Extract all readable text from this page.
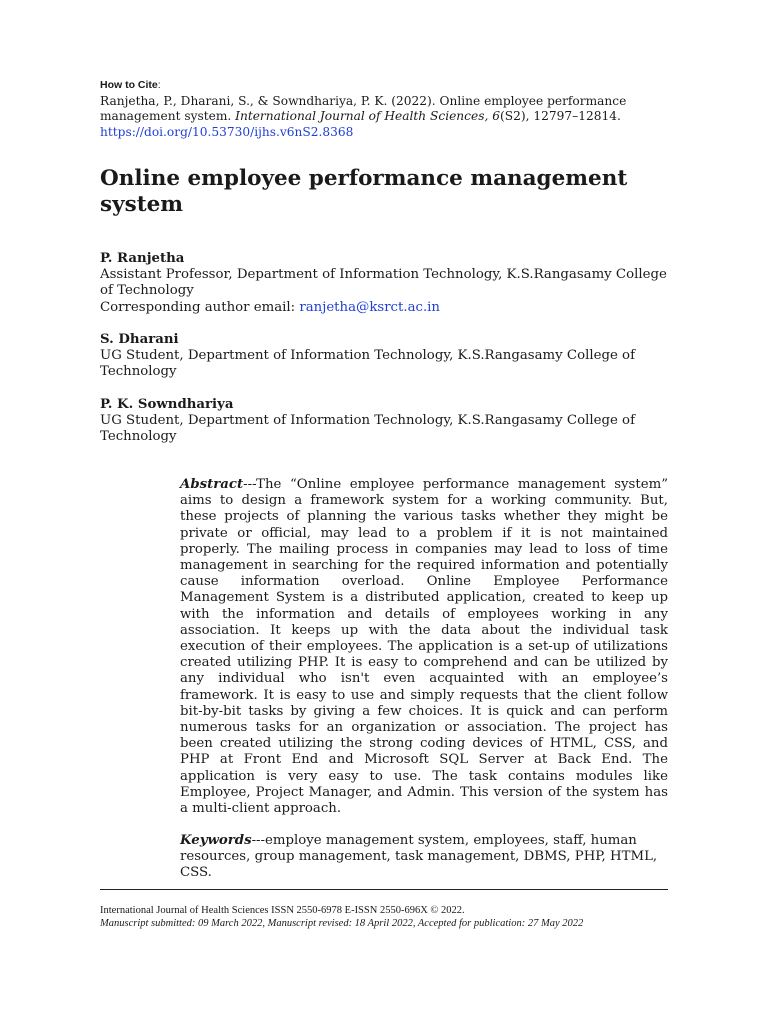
How to Cite:
Ranjetha, P., Dharani, S., & Sowndhariya, P. K. (2022). Online employee performance management system. International Journal of Health Sciences, 6(S2), 12797–12814.
https://doi.org/10.53730/ijhs.v6nS2.8368
Online employee performance management system
P. Ranjetha
Assistant Professor, Department of Information Technology, K.S.Rangasamy College of Technology
Corresponding author email: ranjetha@ksrct.ac.in
S. Dharani
UG Student, Department of Information Technology, K.S.Rangasamy College of Technology
P. K. Sowndhariya
UG Student, Department of Information Technology, K.S.Rangasamy College of Technology
Abstract---The “Online employee performance management system” aims to design a framework system for a working community. But, these projects of planning the various tasks whether they might be private or official, may lead to a problem if it is not maintained properly. The mailing process in companies may lead to loss of time management in searching for the required information and potentially cause information overload. Online Employee Performance Management System is a distributed application, created to keep up with the information and details of employees working in any association. It keeps up with the data about the individual task execution of their employees. The application is a set-up of utilizations created utilizing PHP. It is easy to comprehend and can be utilized by any individual who isn't even acquainted with an employee’s framework. It is easy to use and simply requests that the client follow bit-by-bit tasks by giving a few choices. It is quick and can perform numerous tasks for an organization or association. The project has been created utilizing the strong coding devices of HTML, CSS, and PHP at Front End and Microsoft SQL Server at Back End. The application is very easy to use. The task contains modules like Employee, Project Manager, and Admin. This version of the system has a multi-client approach.
Keywords---employe management system, employees, staff, human resources, group management, task management, DBMS, PHP, HTML, CSS.
International Journal of Health Sciences ISSN 2550-6978 E-ISSN 2550-696X © 2022.
Manuscript submitted: 09 March 2022, Manuscript revised: 18 April 2022, Accepted for publication: 27 May 2022
